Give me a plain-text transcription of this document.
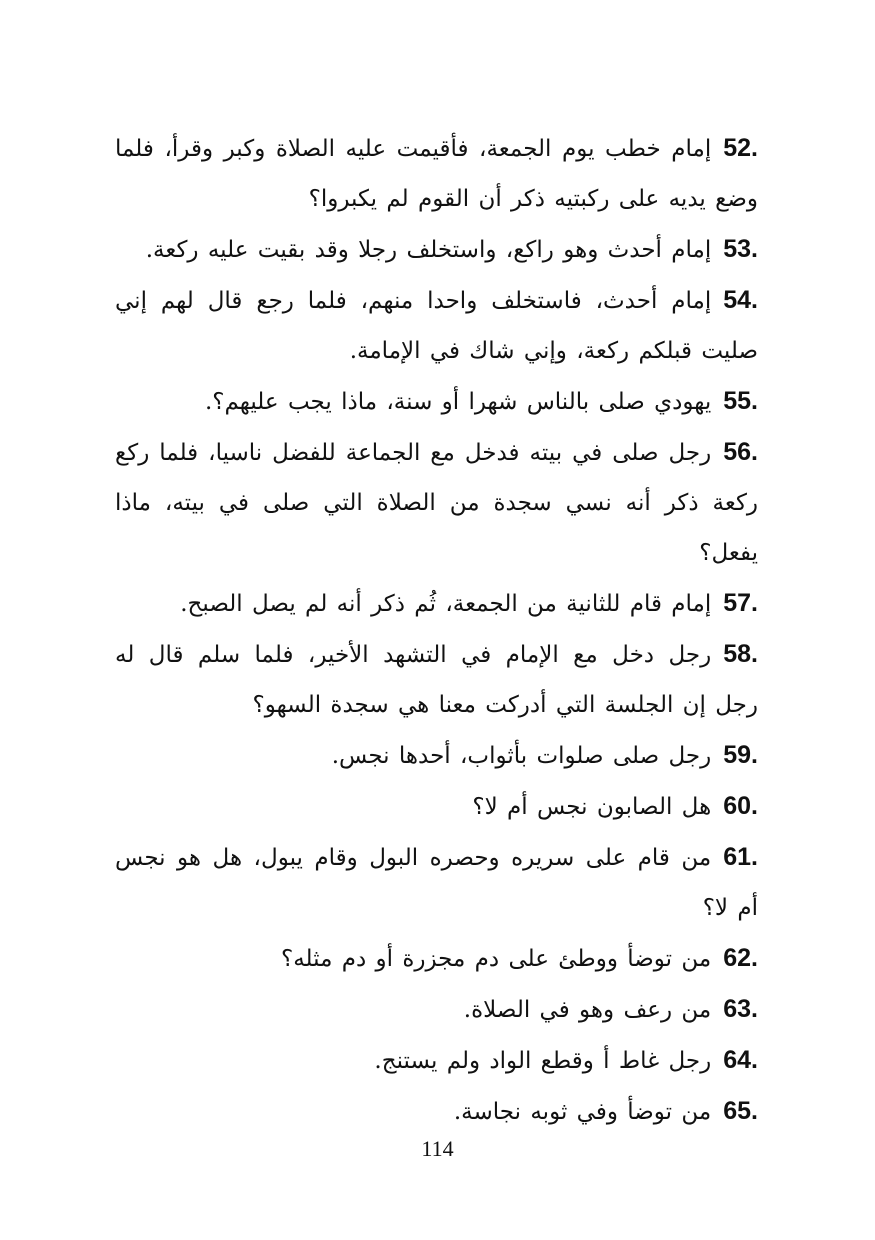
52.إمام خطب يوم الجمعة، فأقيمت عليه الصلاة وكبر وقرأ، فلما وضع يديه على ركبتيه ذكر أن القوم لم يكبروا؟
53.إمام أحدث وهو راكع، واستخلف رجلا وقد بقيت عليه ركعة.
54.إمام أحدث، فاستخلف واحدا منهم، فلما رجع قال لهم إني صليت قبلكم ركعة، وإني شاك في الإمامة.
55.يهودي صلى بالناس شهرا أو سنة، ماذا يجب عليهم؟.
56.رجل صلى في بيته فدخل مع الجماعة للفضل ناسيا، فلما ركع ركعة ذكر أنه نسي سجدة من الصلاة التي صلى في بيته، ماذا يفعل؟
57.إمام قام للثانية من الجمعة، ثُم ذكر أنه لم يصل الصبح.
58.رجل دخل مع الإمام في التشهد الأخير، فلما سلم قال له رجل إن الجلسة التي أدركت معنا هي سجدة السهو؟
59.رجل صلى صلوات بأثواب، أحدها نجس.
60.هل الصابون نجس أم لا؟
61.من قام على سريره وحصره البول وقام يبول، هل هو نجس أم لا؟
62.من توضأ ووطئ على دم مجزرة أو دم مثله؟
63.من رعف وهو في الصلاة.
64.رجل غاط أ وقطع الواد ولم يستنج.
65.من توضأ وفي ثوبه نجاسة.
114
